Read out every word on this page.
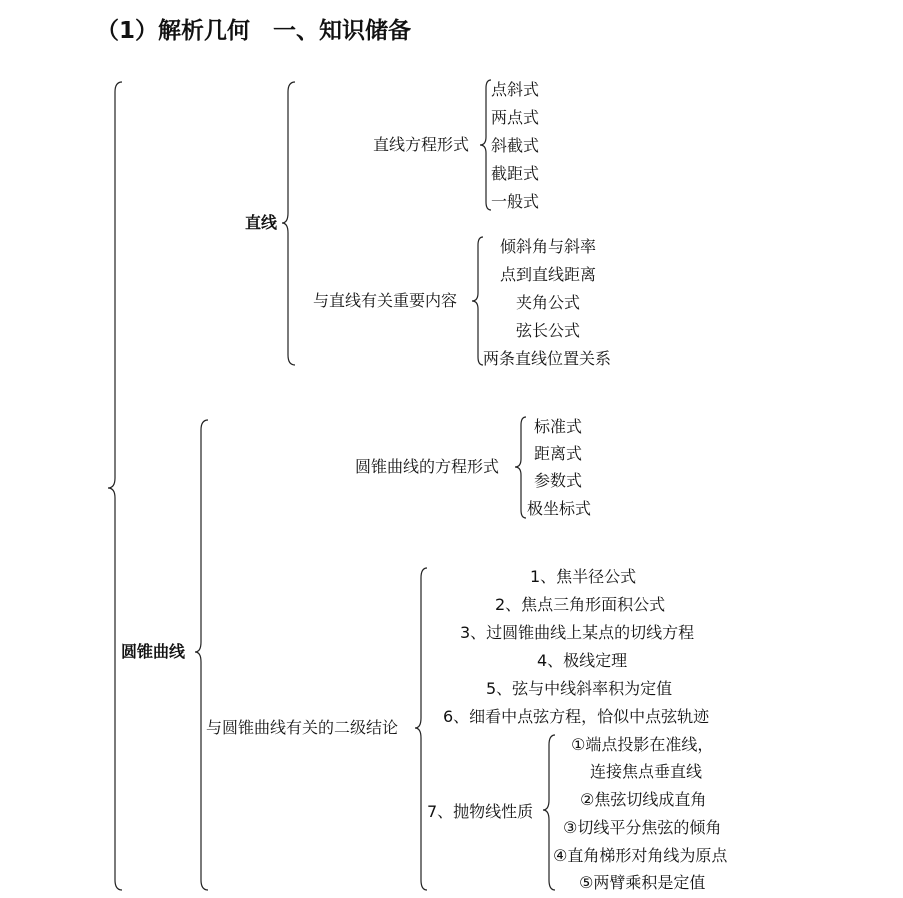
（1）解析几何　一、知识储备
直线
圆锥曲线
直线方程形式
与直线有关重要内容
点斜式
两点式
斜截式
截距式
一般式
倾斜角与斜率
点到直线距离
夹角公式
弦长公式
两条直线位置关系
圆锥曲线的方程形式
与圆锥曲线有关的二级结论
标准式
距离式
参数式
极坐标式
1、焦半径公式
2、焦点三角形面积公式
3、过圆锥曲线上某点的切线方程
4、极线定理
5、弦与中线斜率积为定值
6、细看中点弦方程，恰似中点弦轨迹
7、抛物线性质
①端点投影在准线，
连接焦点垂直线
②焦弦切线成直角
③切线平分焦弦的倾角
④直角梯形对角线为原点
⑤两臂乘积是定值
